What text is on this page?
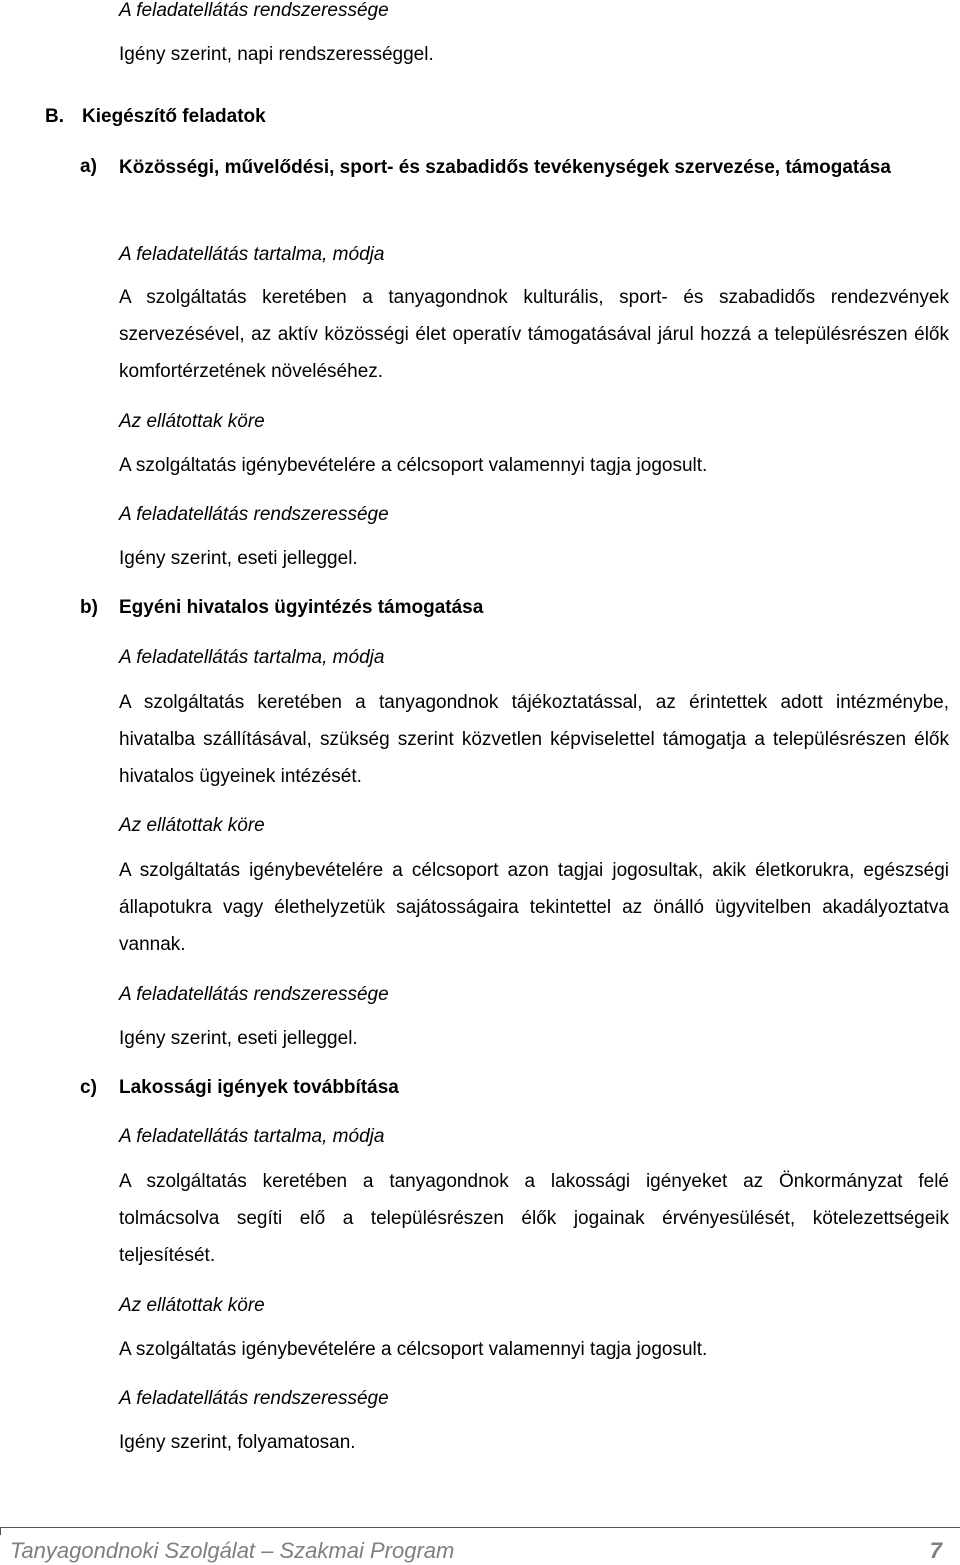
A feladatellátás rendszeressége
Igény szerint, napi rendszerességgel.
B. Kiegészítő feladatok
a) Közösségi, művelődési, sport- és szabadidős tevékenységek szervezése, támogatása
A feladatellátás tartalma, módja
A szolgáltatás keretében a tanyagondnok kulturális, sport- és szabadidős rendezvények szervezésével, az aktív közösségi élet operatív támogatásával járul hozzá a településrészen élők komfortérzetének növeléséhez.
Az ellátottak köre
A szolgáltatás igénybevételére a célcsoport valamennyi tagja jogosult.
A feladatellátás rendszeressége
Igény szerint, eseti jelleggel.
b) Egyéni hivatalos ügyintézés támogatása
A feladatellátás tartalma, módja
A szolgáltatás keretében a tanyagondnok tájékoztatással, az érintettek adott intézménybe, hivatalba szállításával, szükség szerint közvetlen képviselettel támogatja a településrészen élők hivatalos ügyeinek intézését.
Az ellátottak köre
A szolgáltatás igénybevételére a célcsoport azon tagjai jogosultak, akik életkorukra, egészségi állapotukra vagy élethelyzetük sajátosságaira tekintettel az önálló ügyvitelben akadályoztatva vannak.
A feladatellátás rendszeressége
Igény szerint, eseti jelleggel.
c) Lakossági igények továbbítása
A feladatellátás tartalma, módja
A szolgáltatás keretében a tanyagondnok a lakossági igényeket az Önkormányzat felé tolmácsolva segíti elő a településrészen élők jogainak érvényesülését, kötelezettségeik teljesítését.
Az ellátottak köre
A szolgáltatás igénybevételére a célcsoport valamennyi tagja jogosult.
A feladatellátás rendszeressége
Igény szerint, folyamatosan.
Tanyagondnoki Szolgálat – Szakmai Program	7
